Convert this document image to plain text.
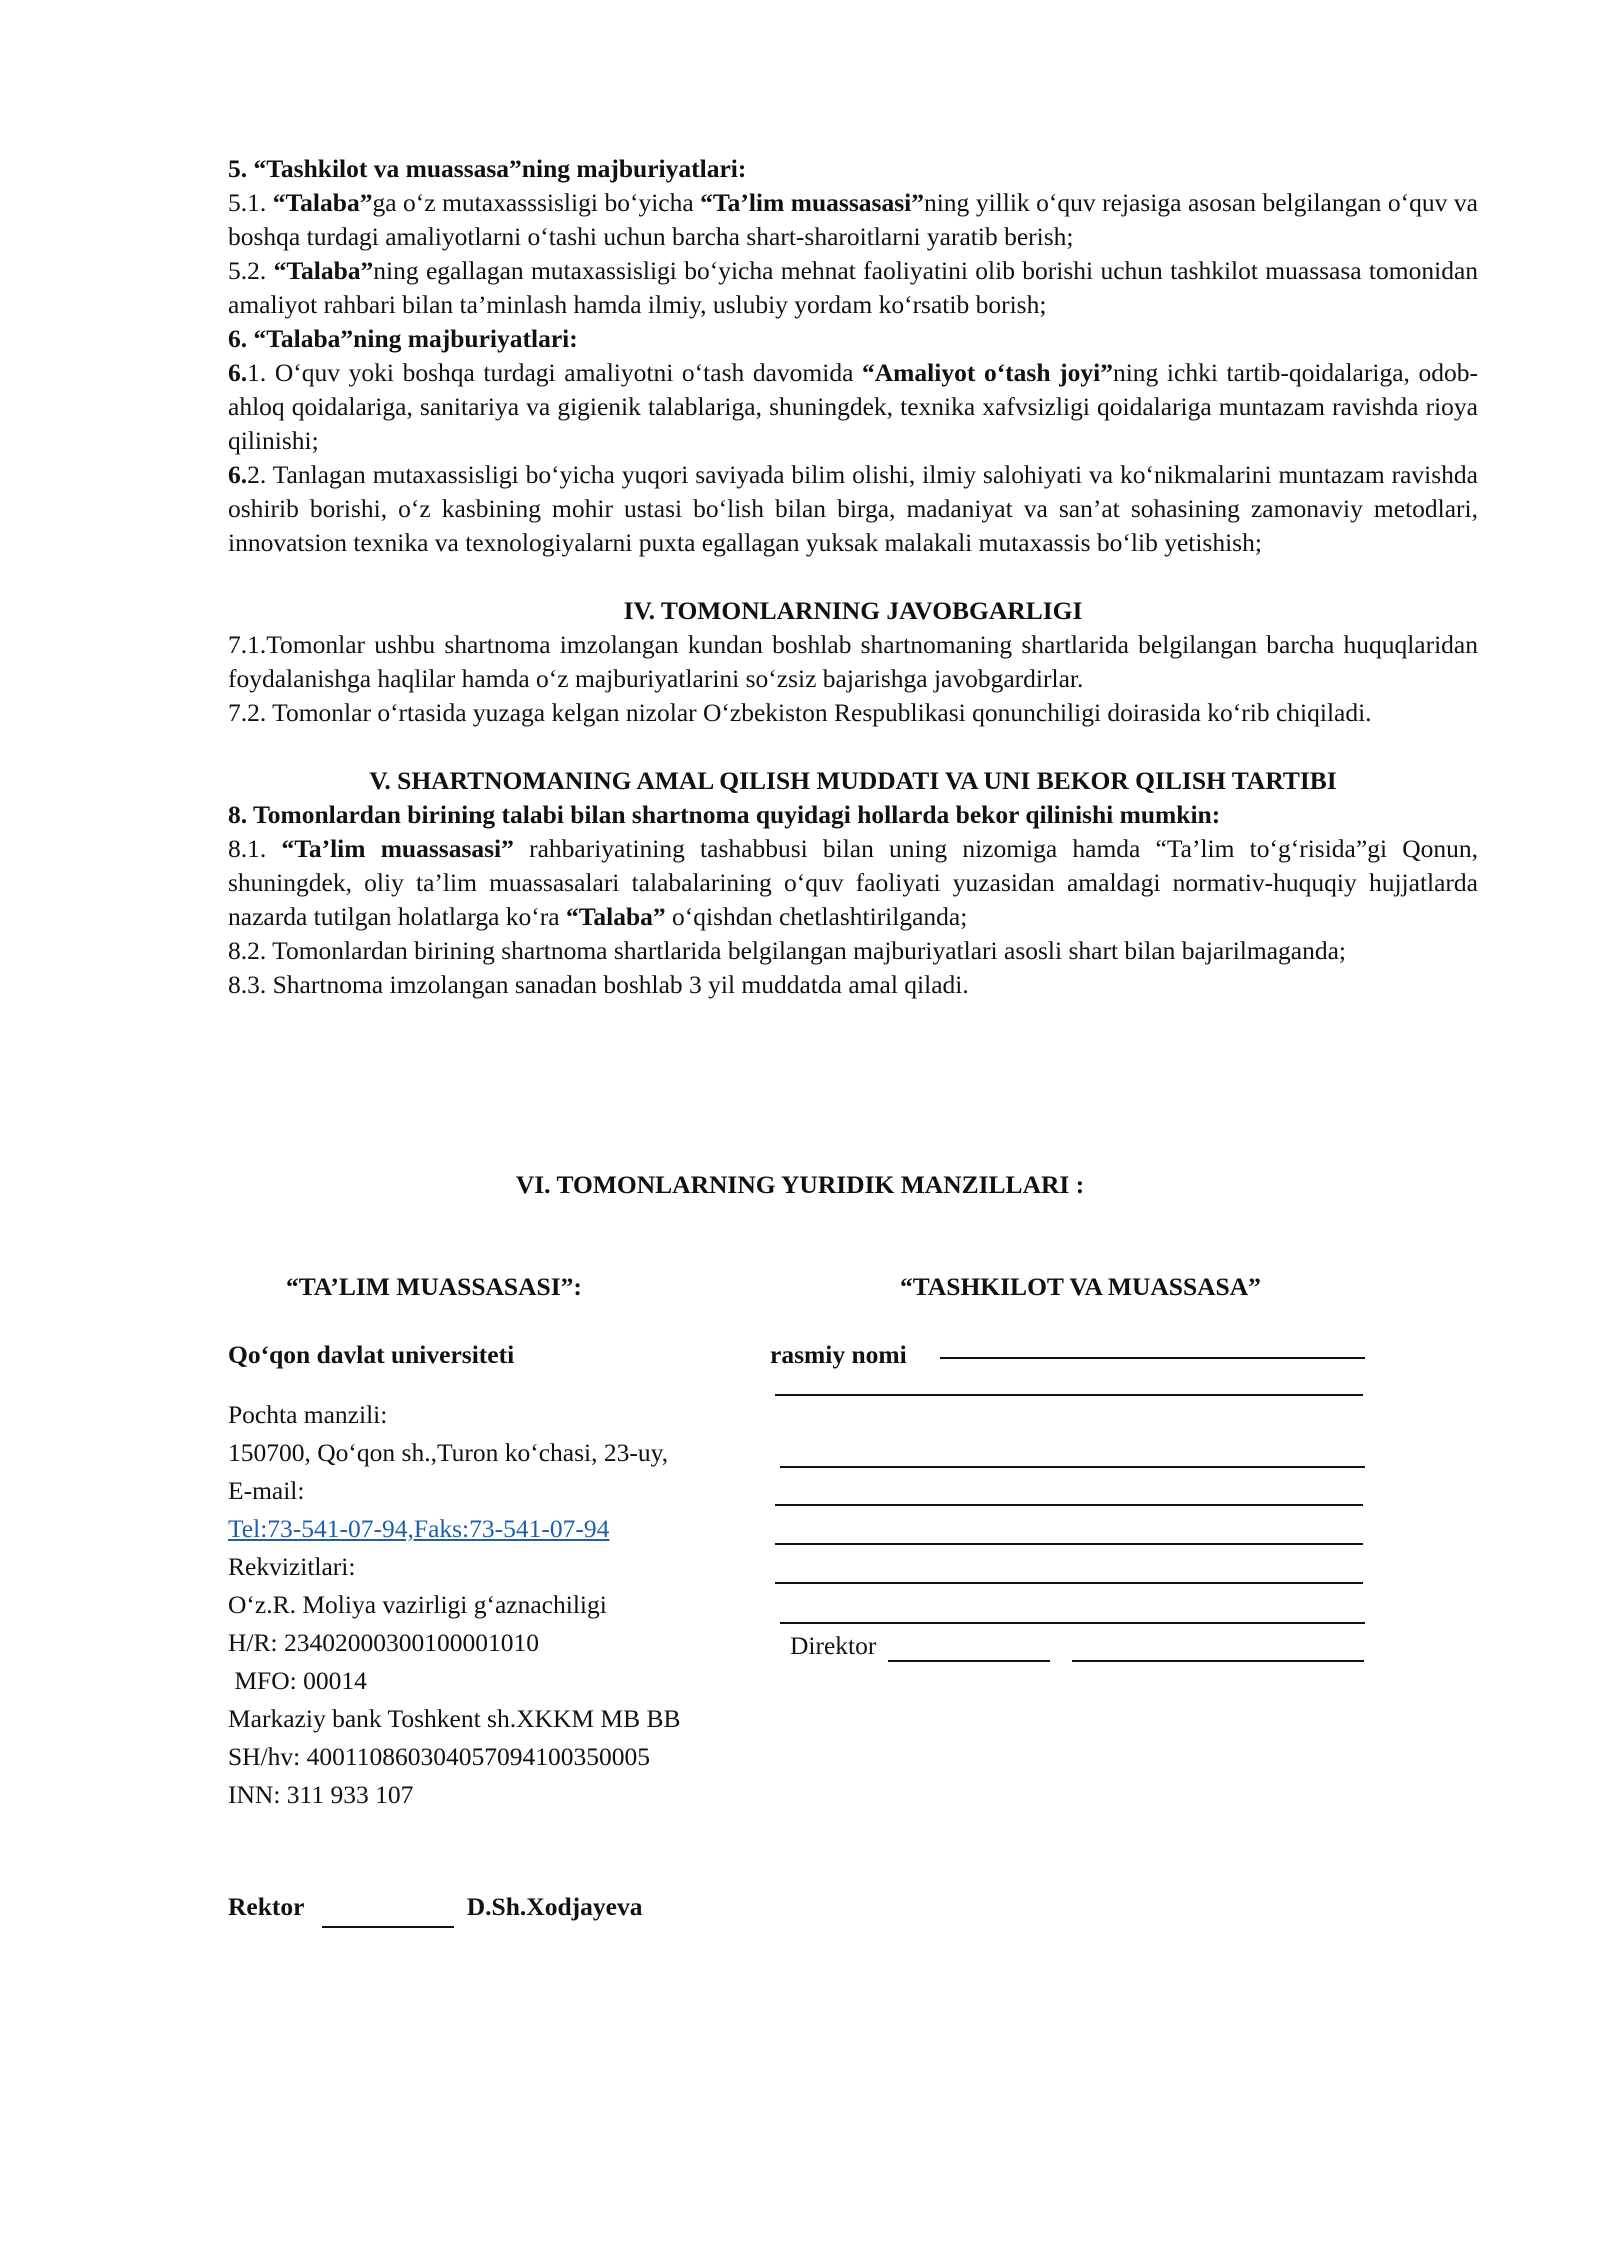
5. “Tashkilot va muassasa”ning majburiyatlari:

5.1. “Talaba”ga o‘z mutaxasssisligi bo‘yicha “Ta’lim muassasasi”ning yillik o‘quv rejasiga asosan belgilangan o‘quv va boshqa turdagi amaliyotlarni o‘tashi uchun barcha shart-sharoitlarni yaratib berish;

5.2. “Talaba”ning egallagan mutaxassisligi bo‘yicha mehnat faoliyatini olib borishi uchun tashkilot muassasa tomonidan amaliyot rahbari bilan ta’minlash hamda ilmiy, uslubiy yordam ko‘rsatib borish;

6. “Talaba”ning majburiyatlari:

6.1. O‘quv yoki boshqa turdagi amaliyotni o‘tash davomida “Amaliyot o‘tash joyi”ning ichki tartib-qoidalariga, odob-ahloq qoidalariga, sanitariya va gigienik talablariga, shuningdek, texnika xafvsizligi qoidalariga muntazam ravishda rioya qilinishi;

6.2. Tanlagan mutaxassisligi bo‘yicha yuqori saviyada bilim olishi, ilmiy salohiyati va ko‘nikmalarini muntazam ravishda oshirib borishi, o‘z kasbining mohir ustasi bo‘lish bilan birga, madaniyat va san’at sohasining zamonaviy metodlari, innovatsion texnika va texnologiyalarni puxta egallagan yuksak malakali mutaxassis bo‘lib yetishish;

IV. TOMONLARNING JAVOBGARLIGI

7.1.Tomonlar ushbu shartnoma imzolangan kundan boshlab shartnomaning shartlarida belgilangan barcha huquqlaridan foydalanishga haqlilar hamda o‘z majburiyatlarini so‘zsiz bajarishga javobgardirlar.

7.2. Tomonlar o‘rtasida yuzaga kelgan nizolar O‘zbekiston Respublikasi qonunchiligi doirasida ko‘rib chiqiladi.

V. SHARTNOMANING AMAL QILISH MUDDATI VA UNI BEKOR QILISH TARTIBI

8. Tomonlardan birining talabi bilan shartnoma quyidagi hollarda bekor qilinishi mumkin:

8.1. “Ta’lim muassasasi” rahbariyatining tashabbusi bilan uning nizomiga hamda “Ta’lim to‘g‘risida”gi Qonun, shuningdek, oliy ta’lim muassasalari talabalarining o‘quv faoliyati yuzasidan amaldagi normativ-huquqiy hujjatlarda nazarda tutilgan holatlarga ko‘ra “Talaba” o‘qishdan chetlashtirilganda;

8.2. Tomonlardan birining shartnoma shartlarida belgilangan majburiyatlari asosli shart bilan bajarilmaganda;

8.3. Shartnoma imzolangan sanadan boshlab 3 yil muddatda amal qiladi.

VI. TOMONLARNING YURIDIK MANZILLARI :
“TA’LIM MUASSASASI”:
Qo‘qon davlat universiteti
Pochta manzili:
150700, Qo‘qon sh.,Turon ko‘chasi, 23-uy,
E-mail:
Tel:73-541-07-94,Faks:73-541-07-94
Rekvizitlari:
O‘z.R. Moliya vazirligi g‘aznachiligi
H/R: 23402000300100001010
MFO: 00014
Markaziy bank Toshkent sh.XKKM MB BB
SH/hv: 400110860304057094100350005
INN: 311 933 107
“TASHKILOT VA MUASSASA”
rasmiy nomi
Direktor
Rektor	D.Sh.Xodjayeva
